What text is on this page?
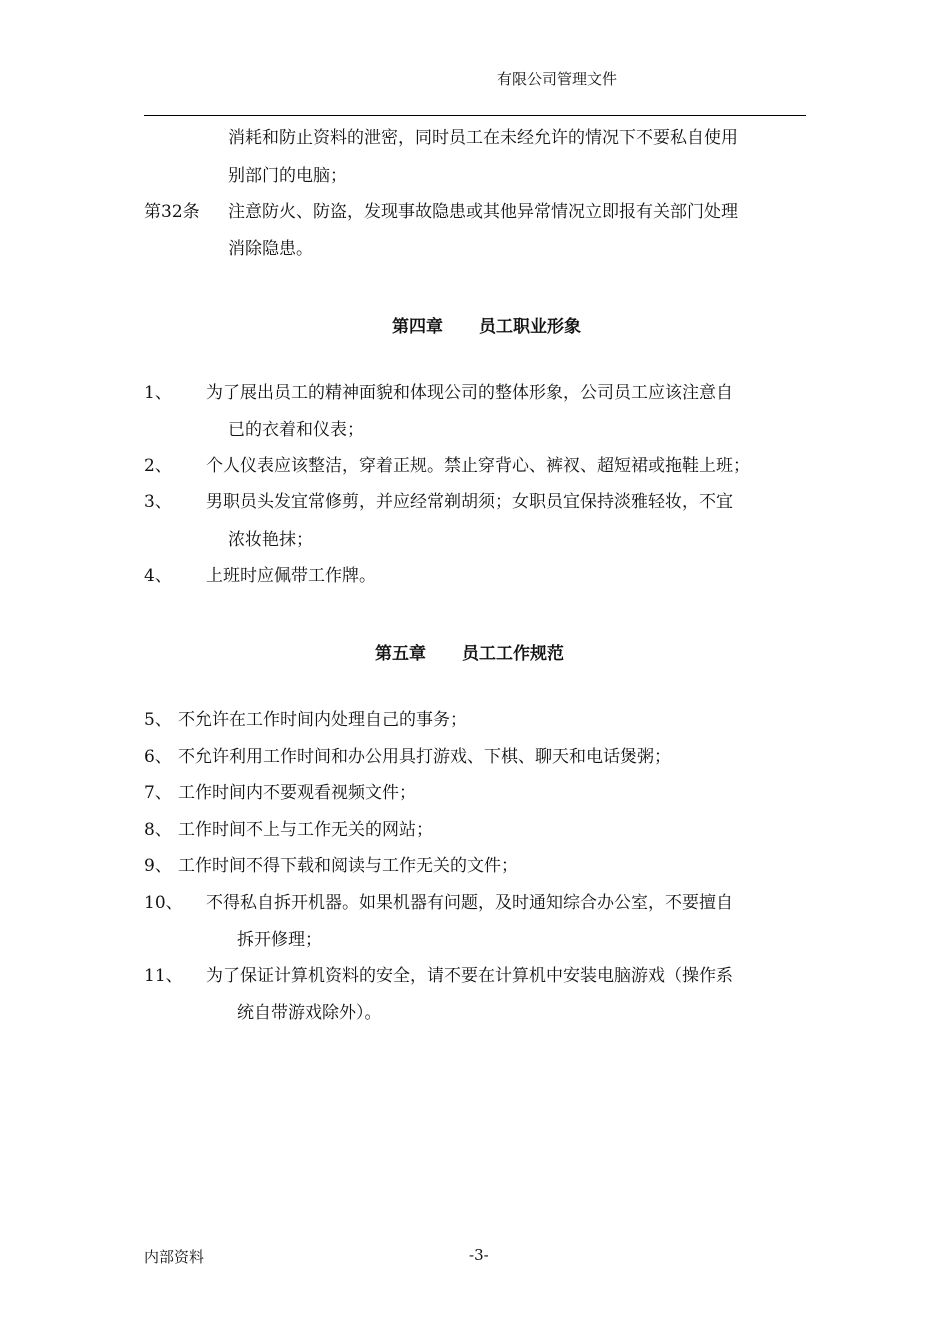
有限公司管理文件
消耗和防止资料的泄密，同时员工在未经允许的情况下不要私自使用
别部门的电脑；
第32条 注意防火、防盗，发现事故隐患或其他异常情况立即报有关部门处理
消除隐患。
第四章 员工职业形象
1、 为了展出员工的精神面貌和体现公司的整体形象，公司员工应该注意自
已的衣着和仪表；
2、 个人仪表应该整洁，穿着正规。禁止穿背心、裤衩、超短裙或拖鞋上班；
3、 男职员头发宜常修剪，并应经常剃胡须；女职员宜保持淡雅轻妆，不宜
浓妆艳抹；
4、 上班时应佩带工作牌。
第五章 员工工作规范
5、 不允许在工作时间内处理自己的事务；
6、 不允许利用工作时间和办公用具打游戏、下棋、聊天和电话煲粥；
7、 工作时间内不要观看视频文件；
8、 工作时间不上与工作无关的网站；
9、 工作时间不得下载和阅读与工作无关的文件；
10、 不得私自拆开机器。如果机器有问题，及时通知综合办公室，不要擅自
拆开修理；
11、 为了保证计算机资料的安全，请不要在计算机中安装电脑游戏（操作系
统自带游戏除外）。
内部资料	-3-
